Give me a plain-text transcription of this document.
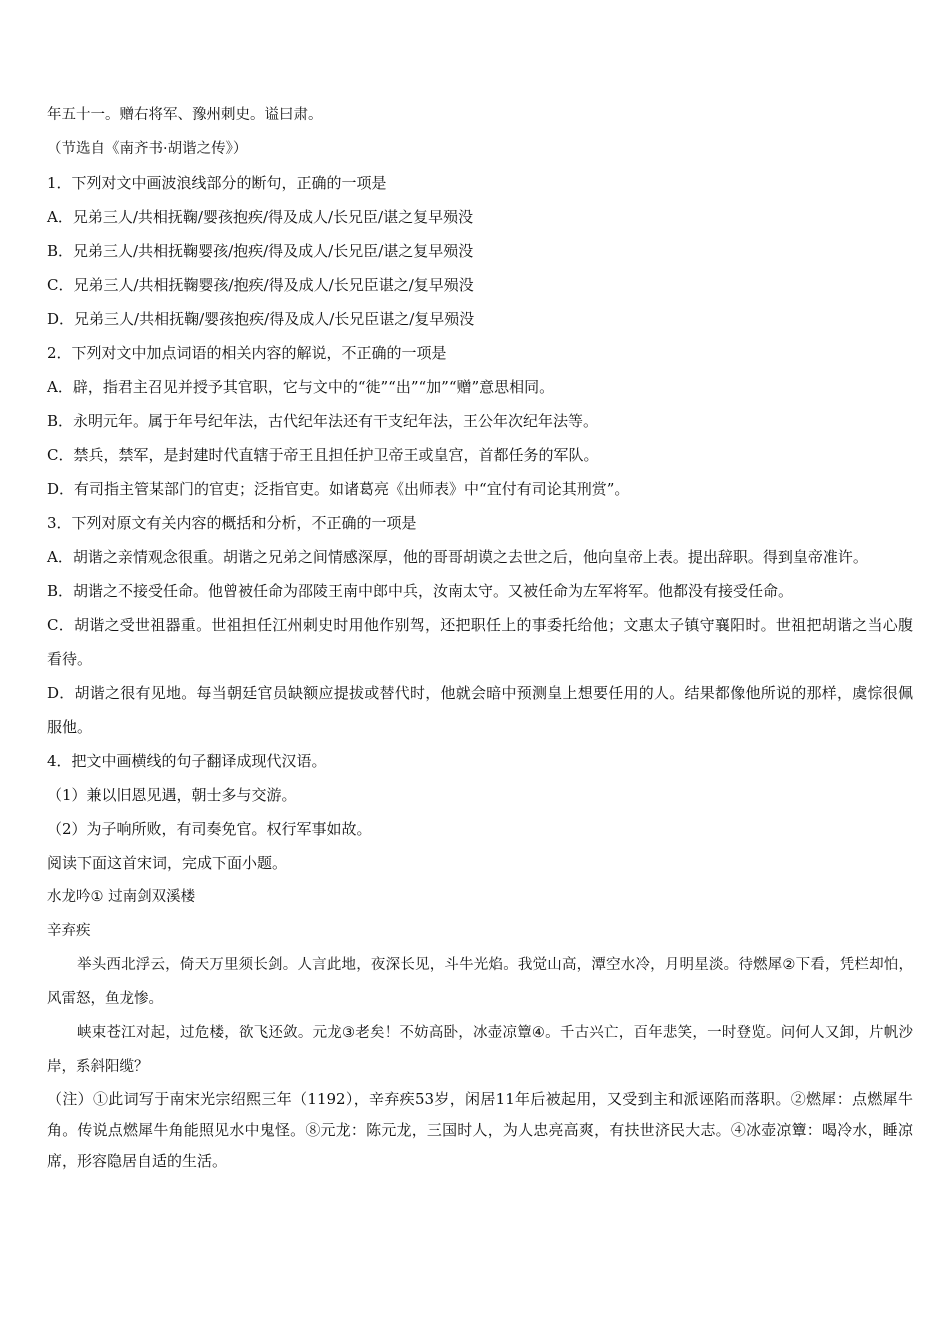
年五十一。赠右将军、豫州刺史。谥曰肃。
（节选自《南齐书·胡谐之传》）
1．下列对文中画波浪线部分的断句，正确的一项是
A．兄弟三人/共相抚鞠/婴孩抱疾/得及成人/长兄臣/谌之复早殒没
B．兄弟三人/共相抚鞠婴孩/抱疾/得及成人/长兄臣/谌之复早殒没
C．兄弟三人/共相抚鞠婴孩/抱疾/得及成人/长兄臣谌之/复早殒没
D．兄弟三人/共相抚鞠/婴孩抱疾/得及成人/长兄臣谌之/复早殒没
2．下列对文中加点词语的相关内容的解说，不正确的一项是
A．辟，指君主召见并授予其官职，它与文中的“徙”“出”“加”“赠”意思相同。
B．永明元年。属于年号纪年法，古代纪年法还有干支纪年法，王公年次纪年法等。
C．禁兵，禁军，是封建时代直辖于帝王且担任护卫帝王或皇宫，首都任务的军队。
D．有司指主管某部门的官吏；泛指官吏。如诸葛亮《出师表》中“宜付有司论其刑赏”。
3．下列对原文有关内容的概括和分析，不正确的一项是
A．胡谐之亲情观念很重。胡谐之兄弟之间情感深厚，他的哥哥胡谟之去世之后，他向皇帝上表。提出辞职。得到皇帝准许。
B．胡谐之不接受任命。他曾被任命为邵陵王南中郎中兵，汝南太守。又被任命为左军将军。他都没有接受任命。
C．胡谐之受世祖器重。世祖担任江州刺史时用他作别驾，还把职任上的事委托给他；文惠太子镇守襄阳时。世祖把胡谐之当心腹看待。
D．胡谐之很有见地。每当朝廷官员缺额应提拔或替代时，他就会暗中预测皇上想要任用的人。结果都像他所说的那样，虞悰很佩服他。
4．把文中画横线的句子翻译成现代汉语。
（1）兼以旧恩见遇，朝士多与交游。
（2）为子响所败，有司奏免官。权行军事如故。
阅读下面这首宋词，完成下面小题。
水龙吟① 过南剑双溪楼
辛弃疾
举头西北浮云，倚天万里须长剑。人言此地，夜深长见，斗牛光焰。我觉山高，潭空水冷，月明星淡。待燃犀②下看，凭栏却怕，风雷怒，鱼龙惨。
峡束苍江对起，过危楼，欲飞还敛。元龙③老矣！不妨高卧，冰壶凉簟④。千古兴亡，百年悲笑，一时登览。问何人又卸，片帆沙岸，系斜阳缆？
（注）①此词写于南宋光宗绍熙三年（1192），辛弃疾53岁，闲居11年后被起用，又受到主和派诬陷而落职。②燃犀：点燃犀牛角。传说点燃犀牛角能照见水中鬼怪。⑧元龙：陈元龙，三国时人，为人忠亮高爽，有扶世济民大志。④冰壶凉簟：喝冷水，睡凉席，形容隐居自适的生活。
